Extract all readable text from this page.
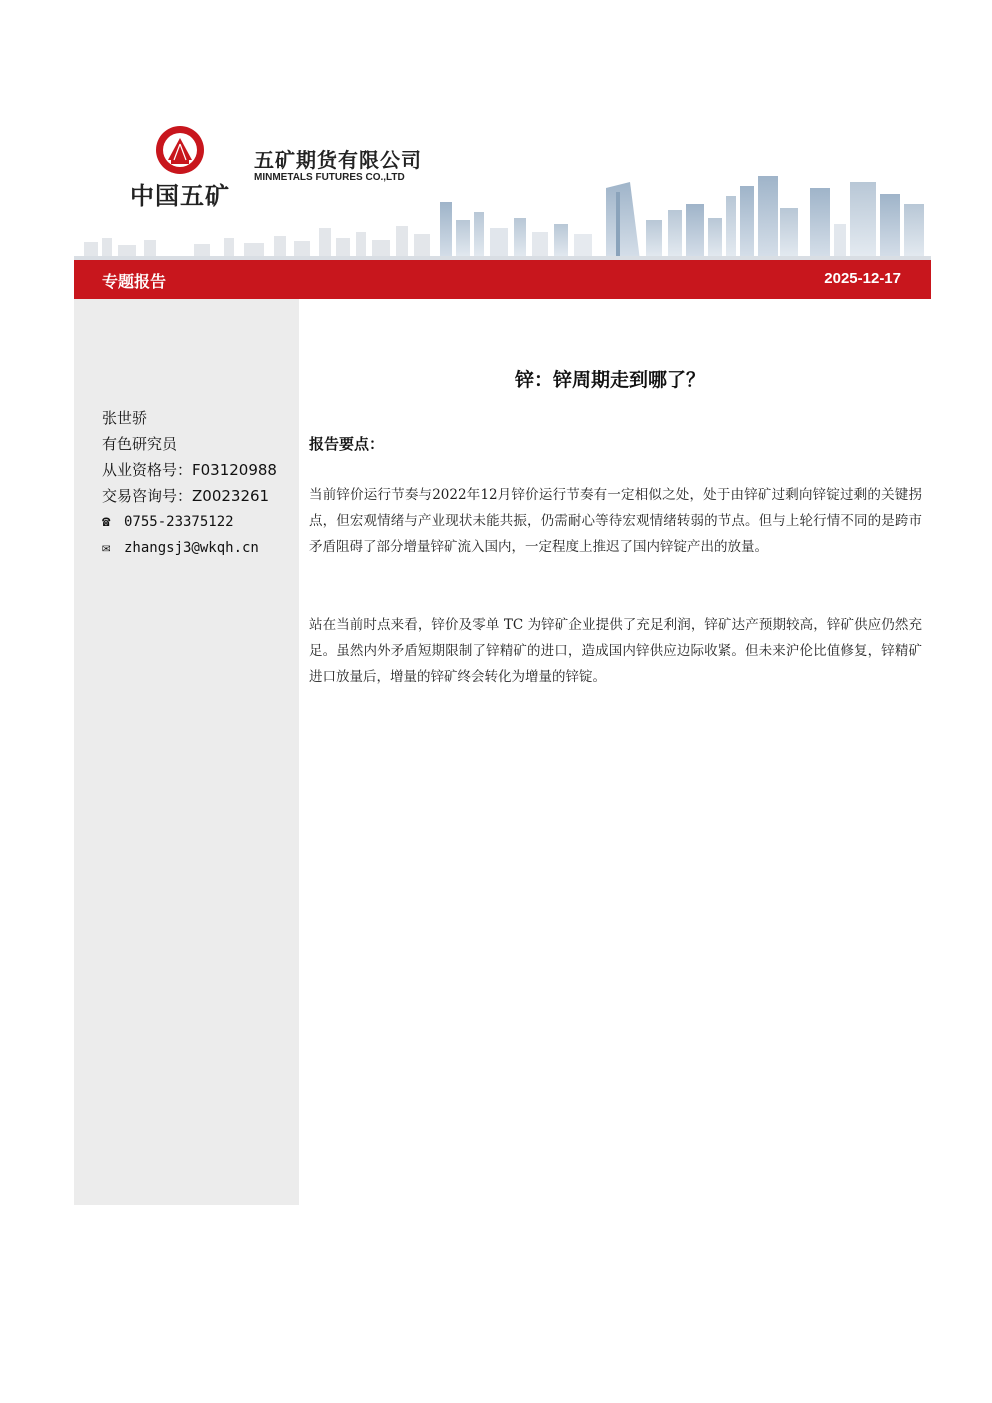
中国五矿
五矿期货有限公司
MINMETALS FUTURES CO.,LTD
专题报告	2025-12-17
张世骄
有色研究员
从业资格号：F03120988
交易咨询号：Z0023261
☎ 0755-23375122
✉ zhangsj3@wkqh.cn
锌：锌周期走到哪了？
报告要点：

当前锌价运行节奏与2022年12月锌价运行节奏有一定相似之处，处于由锌矿过剩向锌锭过剩的关键拐点，但宏观情绪与产业现状未能共振，仍需耐心等待宏观情绪转弱的节点。但与上轮行情不同的是跨市矛盾阻碍了部分增量锌矿流入国内，一定程度上推迟了国内锌锭产出的放量。

站在当前时点来看，锌价及零单 TC 为锌矿企业提供了充足利润，锌矿达产预期较高，锌矿供应仍然充足。虽然内外矛盾短期限制了锌精矿的进口，造成国内锌供应边际收紧。但未来沪伦比值修复，锌精矿进口放量后，增量的锌矿终会转化为增量的锌锭。
